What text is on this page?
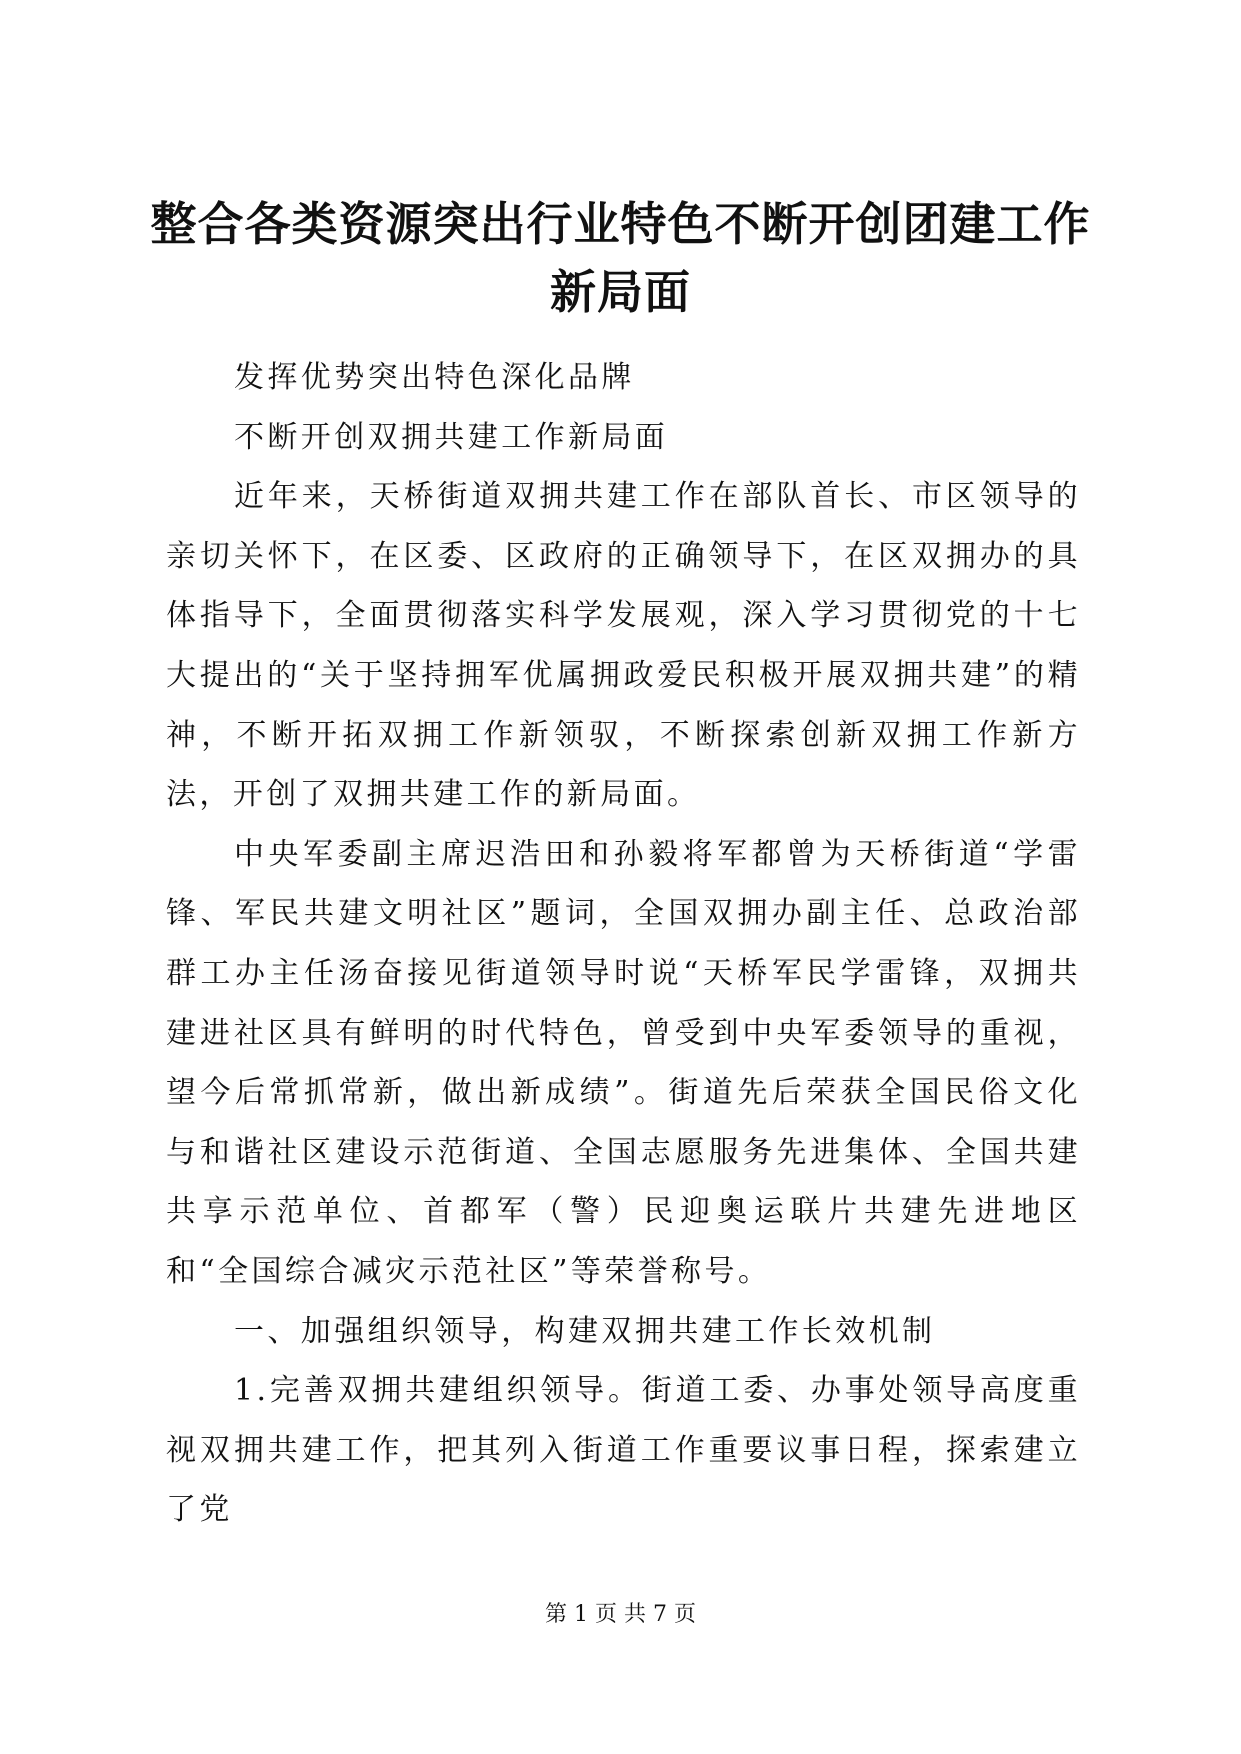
整合各类资源突出行业特色不断开创团建工作新局面

发挥优势突出特色深化品牌

不断开创双拥共建工作新局面

近年来，天桥街道双拥共建工作在部队首长、市区领导的亲切关怀下，在区委、区政府的正确领导下，在区双拥办的具体指导下，全面贯彻落实科学发展观，深入学习贯彻党的十七大提出的“关于坚持拥军优属拥政爱民积极开展双拥共建”的精神，不断开拓双拥工作新领驭，不断探索创新双拥工作新方法，开创了双拥共建工作的新局面。

中央军委副主席迟浩田和孙毅将军都曾为天桥街道“学雷锋、军民共建文明社区”题词，全国双拥办副主任、总政治部群工办主任汤奋接见街道领导时说“天桥军民学雷锋，双拥共建进社区具有鲜明的时代特色，曾受到中央军委领导的重视，望今后常抓常新，做出新成绩”。街道先后荣获全国民俗文化与和谐社区建设示范街道、全国志愿服务先进集体、全国共建共享示范单位、首都军（警）民迎奥运联片共建先进地区和“全国综合减灾示范社区”等荣誉称号。

一、加强组织领导，构建双拥共建工作长效机制

1.完善双拥共建组织领导。街道工委、办事处领导高度重视双拥共建工作，把其列入街道工作重要议事日程，探索建立了党

第 1 页 共 7 页
